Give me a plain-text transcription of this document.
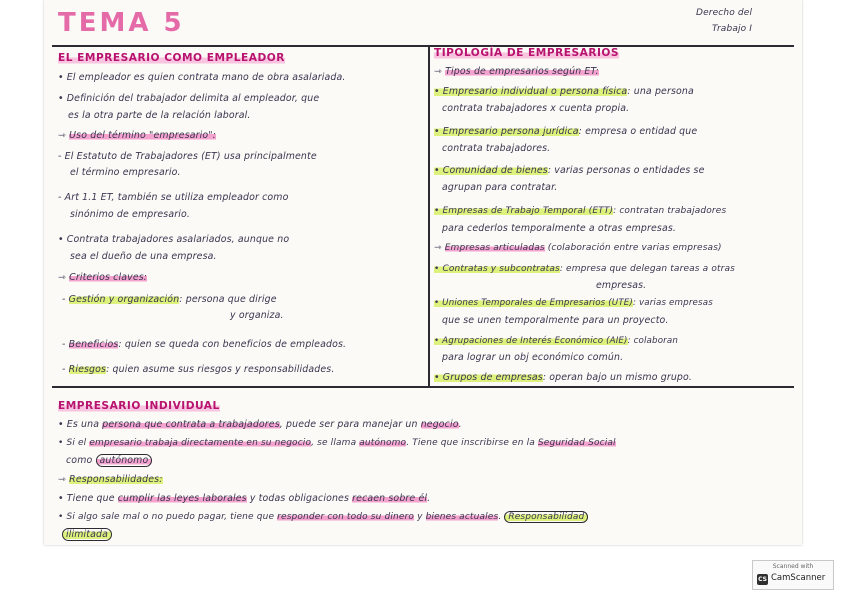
TEMA 5	Derecho del
Trabajo I
EL EMPRESARIO COMO EMPLEADOR
• El empleador es quien contrata mano de obra asalariada.
• Definición del trabajador delimita al empleador, que
es la otra parte de la relación laboral.
⇾ Uso del término "empresario":
- El Estatuto de Trabajadores (ET) usa principalmente
el término empresario.
- Art 1.1 ET, también se utiliza empleador como
sinónimo de empresario.
• Contrata trabajadores asalariados, aunque no
sea el dueño de una empresa.
⇾ Criterios claves:
- Gestión y organización: persona que dirige
y organiza.
- Beneficios: quien se queda con beneficios de empleados.
- Riesgos: quien asume sus riesgos y responsabilidades.
TIPOLOGÍA DE EMPRESARIOS
⇾ Tipos de empresarios según ET:
• Empresario individual o persona física: una persona
contrata trabajadores x cuenta propia.
• Empresario persona jurídica: empresa o entidad que
contrata trabajadores.
• Comunidad de bienes: varias personas o entidades se
agrupan para contratar.
• Empresas de Trabajo Temporal (ETT): contratan trabajadores
para cederlos temporalmente a otras empresas.
⇾ Empresas articuladas (colaboración entre varias empresas)
• Contratas y subcontratas: empresa que delegan tareas a otras
empresas.
• Uniones Temporales de Empresarios (UTE): varias empresas
que se unen temporalmente para un proyecto.
• Agrupaciones de Interés Económico (AIE): colaboran
para lograr un obj económico común.
• Grupos de empresas: operan bajo un mismo grupo.
EMPRESARIO INDIVIDUAL
• Es una persona que contrata a trabajadores, puede ser para manejar un negocio.
• Si el empresario trabaja directamente en su negocio, se llama autónomo. Tiene que inscribirse en la Seguridad Social
como autónomo
⇾ Responsabilidades:
• Tiene que cumplir las leyes laborales y todas obligaciones recaen sobre él.
• Si algo sale mal o no puedo pagar, tiene que responder con todo su dinero y bienes actuales. Responsabilidad
ilimitada
Scanned with
CS CamScanner
